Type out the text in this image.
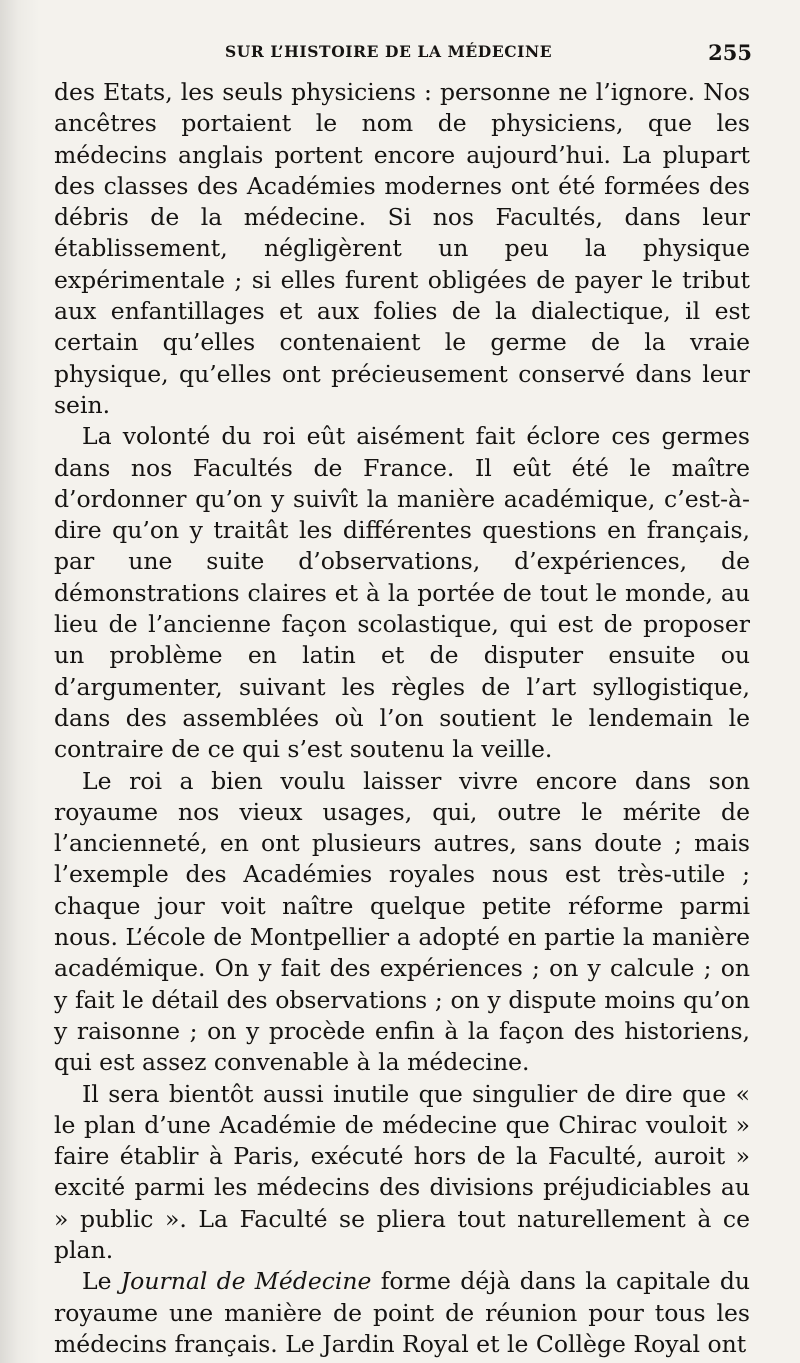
SUR L’HISTOIRE DE LA MÉDECINE	255

des Etats, les seuls physiciens : personne ne l’ignore. Nos ancêtres portaient le nom de physiciens, que les médecins anglais portent encore aujourd’hui. La plupart des classes des Académies modernes ont été formées des débris de la médecine. Si nos Facultés, dans leur établissement, négligèrent un peu la physique expérimentale ; si elles furent obligées de payer le tribut aux enfantillages et aux folies de la dialectique, il est certain qu’elles contenaient le germe de la vraie physique, qu’elles ont précieusement conservé dans leur sein.

La volonté du roi eût aisément fait éclore ces germes dans nos Facultés de France. Il eût été le maître d’ordonner qu’on y suivît la manière académique, c’est-à-dire qu’on y traitât les différentes questions en français, par une suite d’observations, d’expériences, de démonstrations claires et à la portée de tout le monde, au lieu de l’ancienne façon scolastique, qui est de proposer un problème en latin et de disputer ensuite ou d’argumenter, suivant les règles de l’art syllogistique, dans des assemblées où l’on soutient le lendemain le contraire de ce qui s’est soutenu la veille.

Le roi a bien voulu laisser vivre encore dans son royaume nos vieux usages, qui, outre le mérite de l’ancienneté, en ont plusieurs autres, sans doute ; mais l’exemple des Académies royales nous est très-utile ; chaque jour voit naître quelque petite réforme parmi nous. L’école de Montpellier a adopté en partie la manière académique. On y fait des expériences ; on y calcule ; on y fait le détail des observations ; on y dispute moins qu’on y raisonne ; on y procède enfin à la façon des historiens, qui est assez convenable à la médecine.

Il sera bientôt aussi inutile que singulier de dire que « le plan d’une Académie de médecine que Chirac vouloit » faire établir à Paris, exécuté hors de la Faculté, auroit » excité parmi les médecins des divisions préjudiciables au » public ». La Faculté se pliera tout naturellement à ce plan.

Le Journal de Médecine forme déjà dans la capitale du royaume une manière de point de réunion pour tous les médecins français. Le Jardin Royal et le Collège Royal ont
